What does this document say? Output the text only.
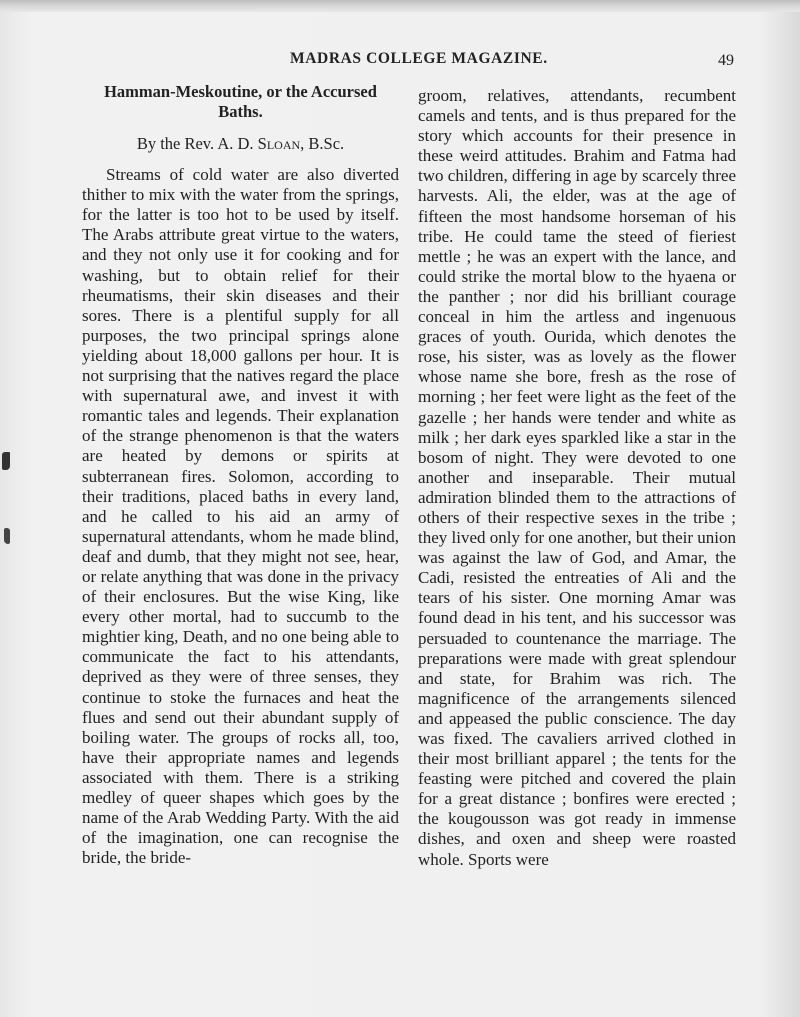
MADRAS COLLEGE MAGAZINE.	49
Hamman-Meskoutine, or the Accursed
Baths.
By the Rev. A. D. Sloan, B.Sc.

Streams of cold water are also diverted thither to mix with the water from the springs, for the latter is too hot to be used by itself. The Arabs attribute great virtue to the waters, and they not only use it for cooking and for washing, but to obtain relief for their rheumatisms, their skin diseases and their sores. There is a plentiful supply for all purposes, the two principal springs alone yielding about 18,000 gallons per hour. It is not surprising that the natives regard the place with supernatural awe, and invest it with romantic tales and legends. Their explanation of the strange phenomenon is that the waters are heated by demons or spirits at subterranean fires. Solomon, according to their traditions, placed baths in every land, and he called to his aid an army of supernatural attendants, whom he made blind, deaf and dumb, that they might not see, hear, or relate anything that was done in the privacy of their enclosures. But the wise King, like every other mortal, had to succumb to the mightier king, Death, and no one being able to communicate the fact to his attendants, deprived as they were of three senses, they continue to stoke the furnaces and heat the flues and send out their abundant supply of boiling water. The groups of rocks all, too, have their appropriate names and legends associated with them. There is a striking medley of queer shapes which goes by the name of the Arab Wedding Party. With the aid of the imagination, one can recognise the bride, the bride-

groom, relatives, attendants, recumbent camels and tents, and is thus prepared for the story which accounts for their presence in these weird attitudes. Brahim and Fatma had two children, differing in age by scarcely three harvests. Ali, the elder, was at the age of fifteen the most handsome horseman of his tribe. He could tame the steed of fieriest mettle ; he was an expert with the lance, and could strike the mortal blow to the hyaena or the panther ; nor did his brilliant courage conceal in him the artless and ingenuous graces of youth. Ourida, which denotes the rose, his sister, was as lovely as the flower whose name she bore, fresh as the rose of morning ; her feet were light as the feet of the gazelle ; her hands were tender and white as milk ; her dark eyes sparkled like a star in the bosom of night. They were devoted to one another and inseparable. Their mutual admiration blinded them to the attractions of others of their respective sexes in the tribe ; they lived only for one another, but their union was against the law of God, and Amar, the Cadi, resisted the entreaties of Ali and the tears of his sister. One morning Amar was found dead in his tent, and his successor was persuaded to countenance the marriage. The preparations were made with great splendour and state, for Brahim was rich. The magnificence of the arrangements silenced and appeased the public conscience. The day was fixed. The cavaliers arrived clothed in their most brilliant apparel ; the tents for the feasting were pitched and covered the plain for a great distance ; bonfires were erected ; the kougousson was got ready in immense dishes, and oxen and sheep were roasted whole. Sports were
